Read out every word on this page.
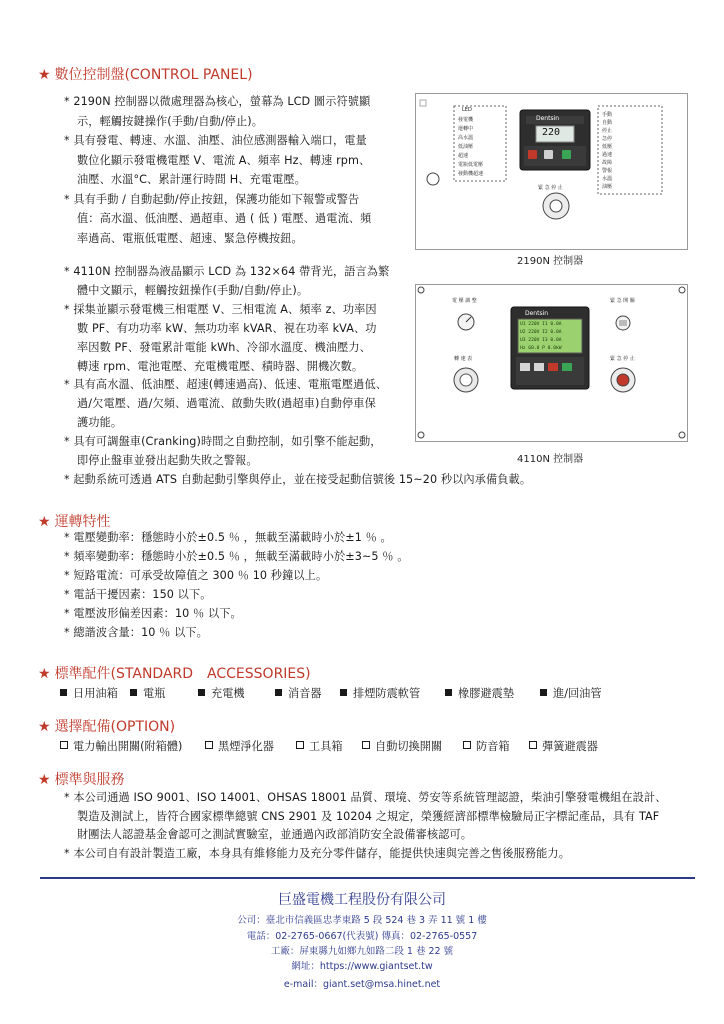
★ 數位控制盤(CONTROL PANEL)
* 2190N 控制器以微處理器為核心，螢幕為 LCD 圖示符號顯
示，輕觸按鍵操作(手動/自動/停止)。
* 具有發電、轉速、水溫、油壓、油位感測器輸入端口，電量
數位化顯示發電機電壓 V、電流 A、頻率 Hz、轉速 rpm、
油壓、水溫°C、累計運行時間 H、充電電壓。
* 具有手動 / 自動起動/停止按鈕，保護功能如下報警或警告
值：高水溫、低油壓、過超車、過 ( 低 ) 電壓、過電流、頻
率過高、電瓶低電壓、超速、緊急停機按鈕。
* 4110N 控制器為液晶顯示 LCD 為 132×64 帶背光，語言為繁
體中文顯示，輕觸按鈕操作(手動/自動/停止)。
* 採集並顯示發電機三相電壓 V、三相電流 A、頻率 z、功率因
數 PF、有功功率 kW、無功功率 kVAR、視在功率 kVA、功
率因數 PF、發電累計電能 kWh、冷卻水溫度、機油壓力、
轉速 rpm、電池電壓、充電機電壓、積時器、開機次數。
* 具有高水溫、低油壓、超速(轉速過高)、低速、電瓶電壓過低、
過/欠電壓、過/欠頻、過電流、啟動失敗(過超車)自動停車保
護功能。
* 具有可調盤車(Cranking)時間之自動控制，如引擎不能起動，
即停止盤車並發出起動失敗之警報。
* 起動系統可透過 ATS 自動起動引擎與停止，並在接受起動信號後 15~20 秒以內承備負載。
LED
發電機
運轉中
高水溫
低油壓
超速
電瓶低電壓
發動機超速
手動
自動
停止
急停
低壓
過速
故障
警報
水溫
油壓
Dentsin
220
緊 急 停 止
2190N 控制器
Dentsin
U1 220V I1 0.0A
U2 220V I2 0.0A
U3 220V I3 0.0A
Hz 60.0 P 0.0kW
電 壓 調 整
轉 速 表
緊 急 開 關
緊 急 停 止
4110N 控制器
★ 運轉特性
* 電壓變動率：穩態時小於±0.5 ％ ，無載至滿載時小於±1 ％ 。
* 頻率變動率：穩態時小於±0.5 ％ ，無載至滿載時小於±3~5 ％ 。
* 短路電流：可承受故障值之 300 ％ 10 秒鐘以上。
* 電話干擾因素：150 以下。
* 電壓波形偏差因素：10 ％ 以下。
* 總諧波含量：10 ％ 以下。
★ 標準配件(STANDARD　ACCESSORIES)
日用油箱	電瓶	充電機	消音器	排煙防震軟管	橡膠避震墊	進/回油管
★ 選擇配備(OPTION)
電力輸出開關(附箱體)	黑煙淨化器	工具箱	自動切換開關	防音箱	彈簧避震器
★ 標準與服務
* 本公司通過 ISO 9001、ISO 14001、OHSAS 18001 品質、環境、勞安等系統管理認證，柴油引擎發電機組在設計、
製造及測試上，皆符合國家標準總號 CNS 2901 及 10204 之規定，榮獲經濟部標準檢驗局正字標記產品，具有 TAF
財團法人認證基金會認可之測試實驗室，並通過內政部消防安全設備審核認可。
* 本公司自有設計製造工廠，本身具有維修能力及充分零件儲存，能提供快速與完善之售後服務能力。
巨盛電機工程股份有限公司
公司：臺北市信義區忠孝東路 5 段 524 巷 3 弄 11 號 1 樓
電話：02-2765-0667(代表號) 傳真：02-2765-0557
工廠：屏東縣九如鄉九如路二段 1 巷 22 號
網址：https://www.giantset.tw
e-mail：giant.set@msa.hinet.net
